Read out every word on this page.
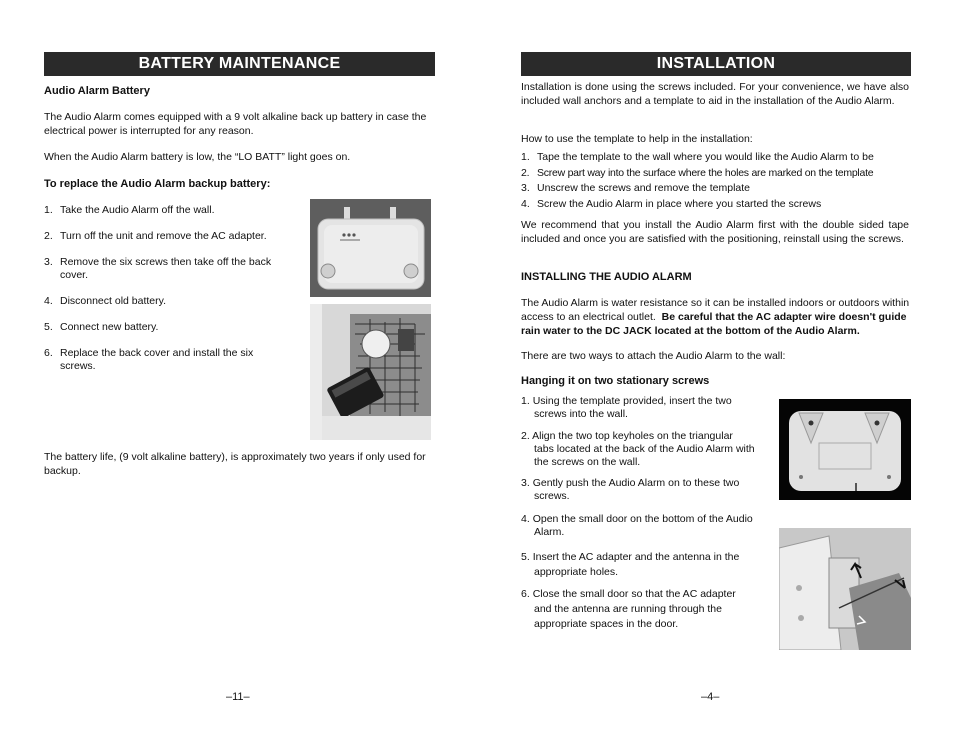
BATTERY MAINTENANCE
Audio Alarm Battery
The Audio Alarm comes equipped with a 9 volt alkaline back up battery in case the electrical power is interrupted for any reason.
When the Audio Alarm battery is low, the “LO BATT” light goes on.
To replace the Audio Alarm backup battery:
1. Take the Audio Alarm off the wall.
2. Turn off the unit and remove the AC adapter.
3. Remove the six screws then take off the back cover.
4. Disconnect old battery.
5. Connect new battery.
6. Replace the back cover and install the six screws.
The battery life, (9 volt alkaline battery), is approximately two years if only used for backup.
–11–
INSTALLATION
Installation is done using the screws included. For your convenience, we have also included wall anchors and a template to aid in the installation of the Audio Alarm.
How to use the template to help in the installation:
1. Tape the template to the wall where you would like the Audio Alarm to be
2. Screw part way into the surface where the holes are marked on the template
3. Unscrew the screws and remove the template
4. Screw the Audio Alarm in place where you started the screws
We recommend that you install the Audio Alarm first with the double sided tape included and once you are satisfied with the positioning, reinstall using the screws.
INSTALLING THE AUDIO ALARM
The Audio Alarm is water resistance so it can be installed indoors or outdoors within access to an electrical outlet. Be careful that the AC adapter wire doesn't guide rain water to the DC JACK located at the bottom of the Audio Alarm.
There are two ways to attach the Audio Alarm to the wall:
Hanging it on two stationary screws
1. Using the template provided, insert the two screws into the wall.
2. Align the two top keyholes on the triangular tabs located at the back of the Audio Alarm with the screws on the wall.
3. Gently push the Audio Alarm on to these two screws.
4. Open the small door on the bottom of the Audio Alarm.
5. Insert the AC adapter and the antenna in the appropriate holes.
6. Close the small door so that the AC adapter and the antenna are running through the appropriate spaces in the door.
–4–
